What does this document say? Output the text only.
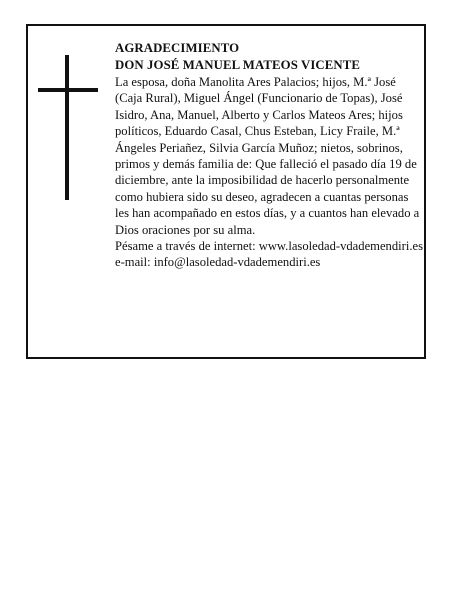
AGRADECIMIENTO

DON JOSÉ MANUEL MATEOS VICENTE

La esposa, doña Manolita Ares Palacios; hijos, M.ª José (Caja Rural), Miguel Ángel (Funcionario de Topas), José Isidro, Ana, Manuel, Alberto y Carlos Mateos Ares; hijos políticos, Eduardo Casal, Chus Esteban, Licy Fraile, M.ª Ángeles Periañez, Silvia García Muñoz; nietos, sobrinos, primos y demás familia de: Que falleció el pasado día 19 de diciembre, ante la imposibilidad de hacerlo personalmente como hubiera sido su deseo, agradecen a cuantas personas les han acompañado en estos días, y a cuantos han elevado a Dios oraciones por su alma.

Pésame a través de internet: www.lasoledad-vdademendiri.es e-mail: info@lasoledad-vdademendiri.es
